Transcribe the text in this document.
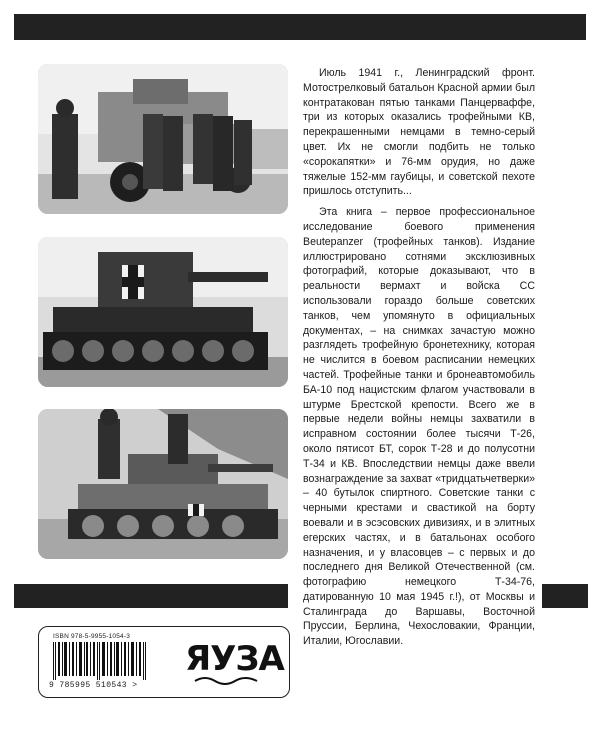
Июль 1941 г., Ленинградский фронт. Мотострелковый батальон Красной армии был контратакован пятью танками Панцерваффе, три из которых оказались трофейными КВ, перекрашенными немцами в темно-серый цвет. Их не смогли подбить не только «сорокапятки» и 76-мм орудия, но даже тяжелые 152-мм гаубицы, и советской пехоте пришлось отступить...

Эта книга – первое профессиональное исследование боевого применения Beutepanzer (трофейных танков). Издание иллюстрировано сотнями эксклюзивных фотографий, которые доказывают, что в реальности вермахт и войска СС использовали гораздо больше советских танков, чем упомянуто в официальных документах, – на снимках зачастую можно разглядеть трофейную бронетехнику, которая не числится в боевом расписании немецких частей. Трофейные танки и бронеавтомобиль БА-10 под нацистским флагом участвовали в штурме Брестской крепости. Всего же в первые недели войны немцы захватили в исправном состоянии более тысячи Т-26, около пятисот БТ, сорок Т-28 и до полусотни Т-34 и КВ. Впоследствии немцы даже ввели вознаграждение за захват «тридцатьчетверки» – 40 бутылок спиртного. Советские танки с черными крестами и свастикой на борту воевали и в эсэсовских дивизиях, и в элитных егерских частях, и в батальонах особого назначения, и у власовцев – с первых и до последнего дня Великой Отечественной (см. фотографию немецкого Т-34-76, датированную 10 мая 1945 г.!), от Москвы и Сталинграда до Варшавы, Восточной Пруссии, Берлина, Чехословакии, Франции, Италии, Югославии.

ISBN 978-5-9955-1054-3
9 785995 510543 >
ЯУЗА
